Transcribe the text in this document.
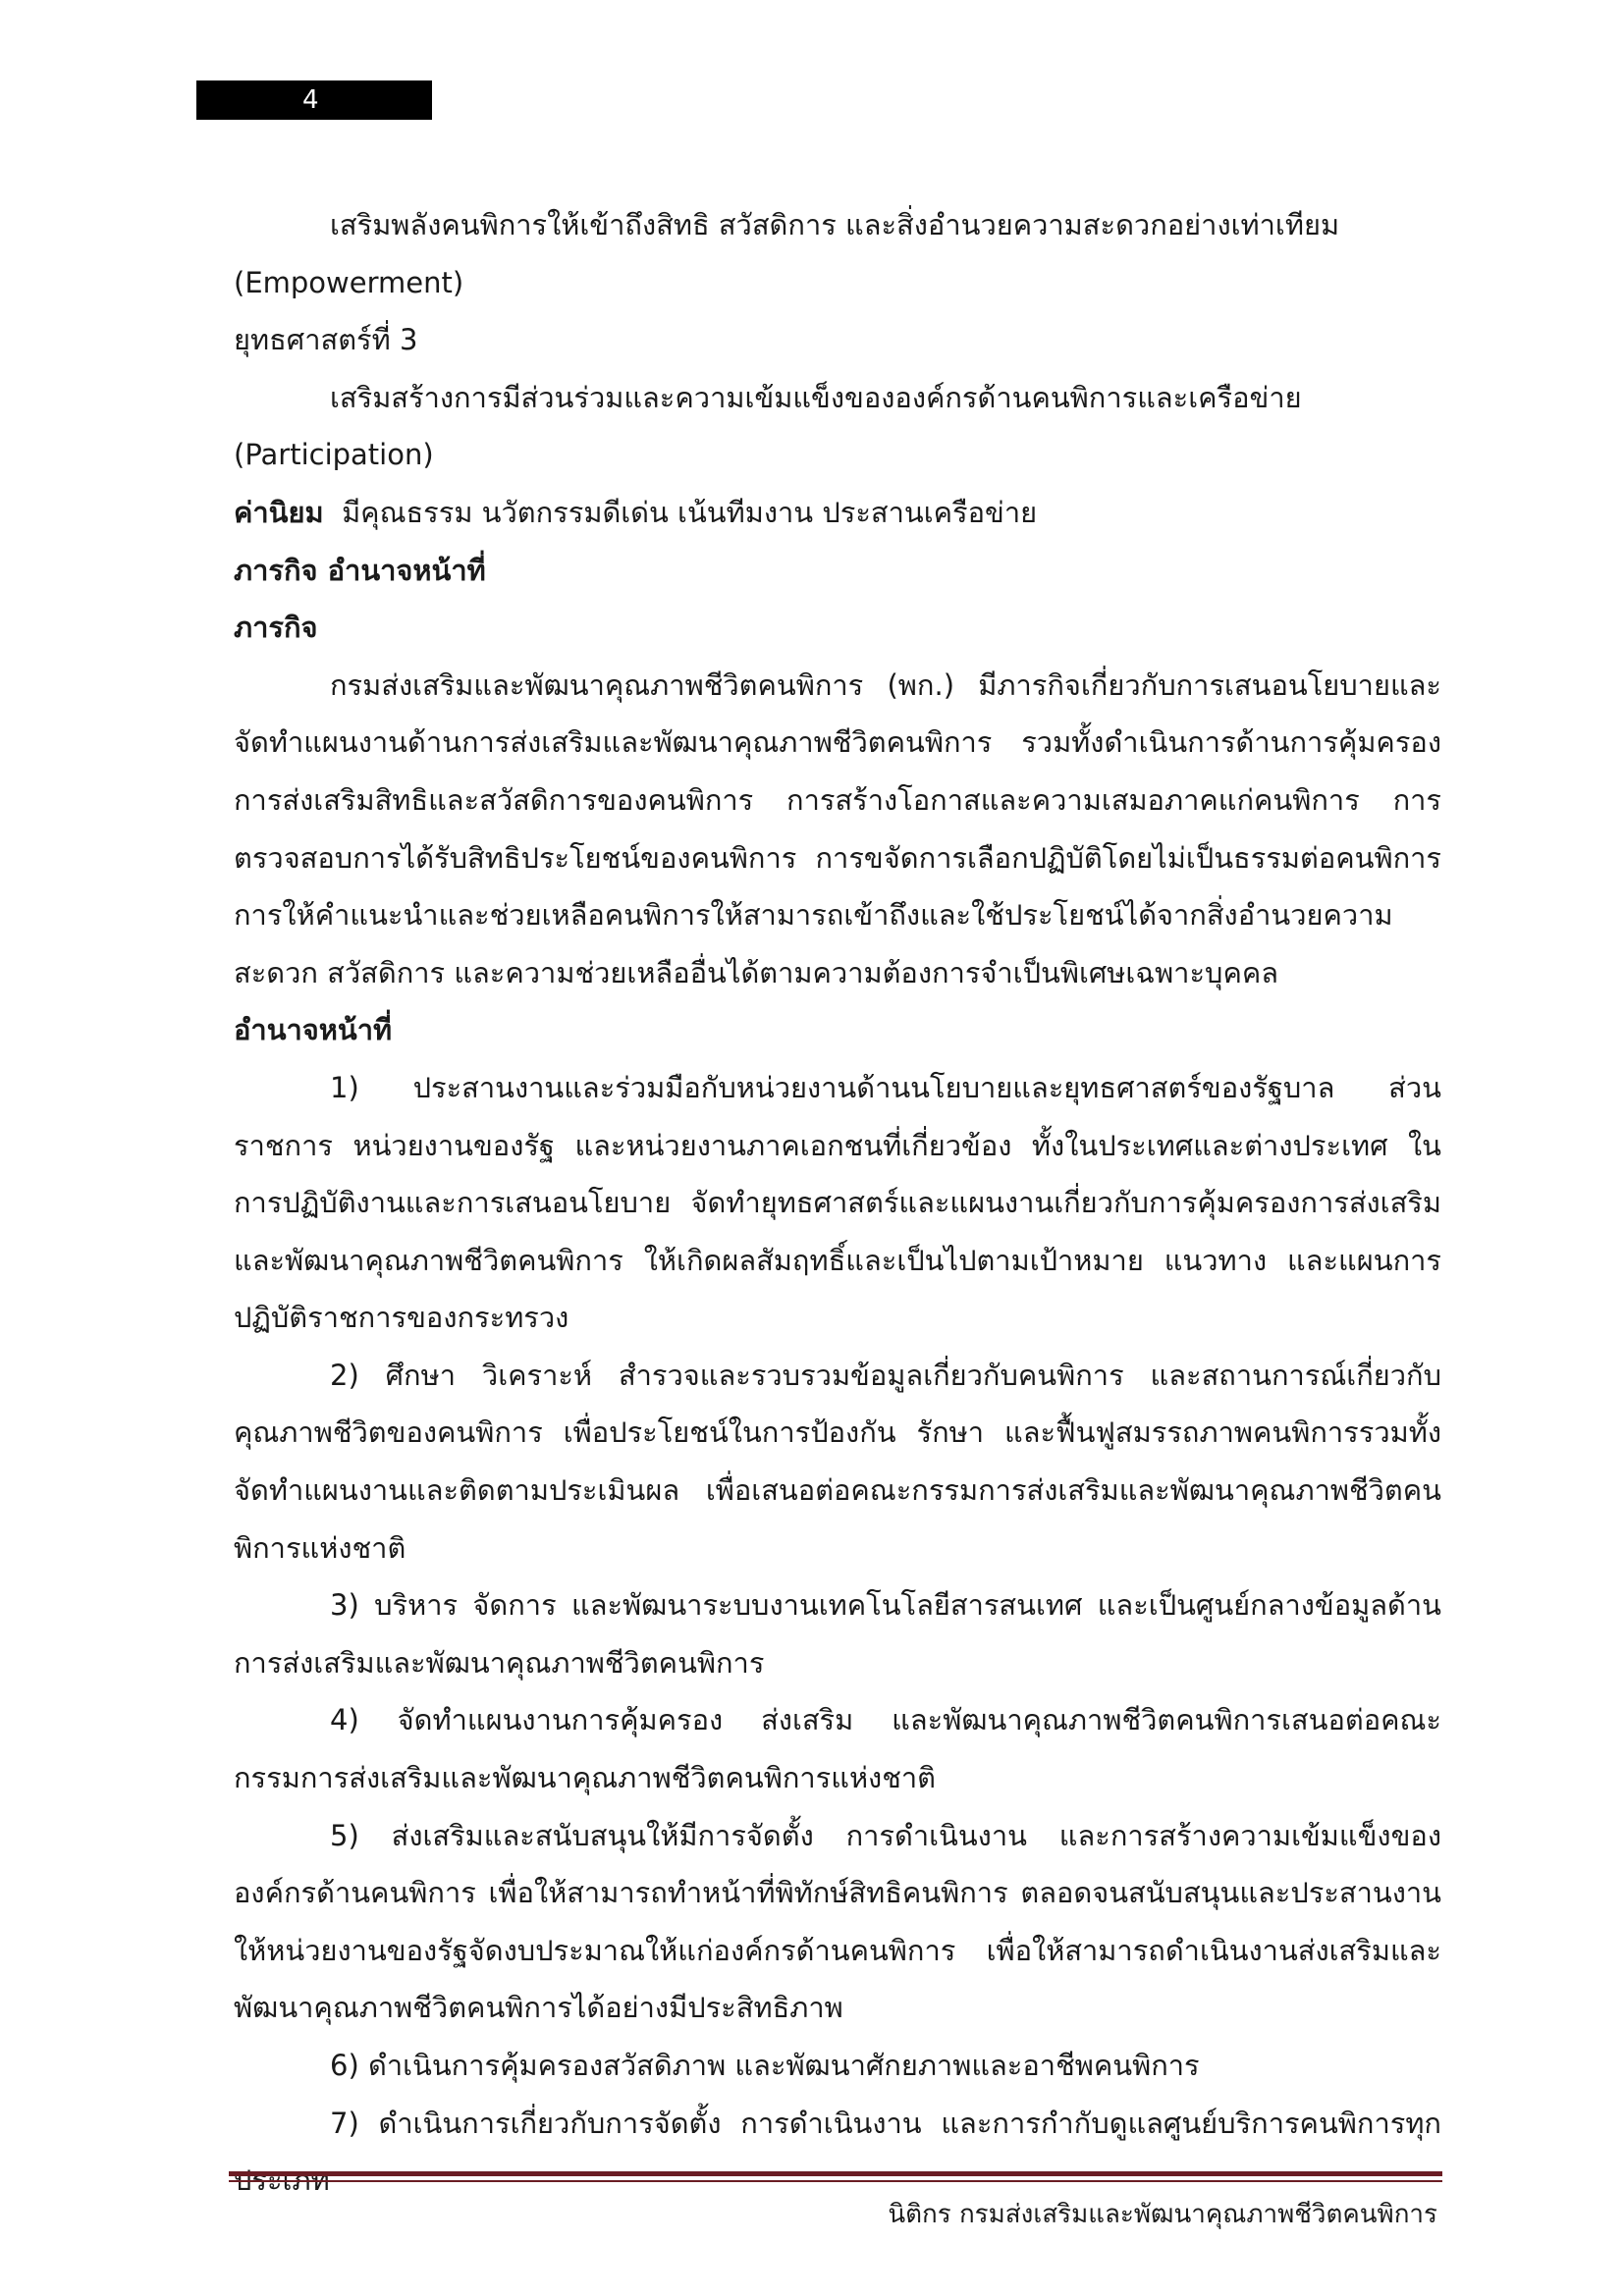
4

เสริมพลังคนพิการให้เข้าถึงสิทธิ สวัสดิการ และสิ่งอำนวยความสะดวกอย่างเท่าเทียม (Empowerment)

ยุทธศาสตร์ที่ 3

เสริมสร้างการมีส่วนร่วมและความเข้มแข็งขององค์กรด้านคนพิการและเครือข่าย (Participation)

ค่านิยม มีคุณธรรม นวัตกรรมดีเด่น เน้นทีมงาน ประสานเครือข่าย

ภารกิจ อำนาจหน้าที่

ภารกิจ

กรมส่งเสริมและพัฒนาคุณภาพชีวิตคนพิการ (พก.) มีภารกิจเกี่ยวกับการเสนอนโยบายและจัดทำแผนงานด้านการส่งเสริมและพัฒนาคุณภาพชีวิตคนพิการ รวมทั้งดำเนินการด้านการคุ้มครอง การส่งเสริมสิทธิและสวัสดิการของคนพิการ การสร้างโอกาสและความเสมอภาคแก่คนพิการ การตรวจสอบการได้รับสิทธิประโยชน์ของคนพิการ การขจัดการเลือกปฏิบัติโดยไม่เป็นธรรมต่อคนพิการ การให้คำแนะนำและช่วยเหลือคนพิการให้สามารถเข้าถึงและใช้ประโยชน์ได้จากสิ่งอำนวยความสะดวก สวัสดิการ และความช่วยเหลืออื่นได้ตามความต้องการจำเป็นพิเศษเฉพาะบุคคล

อำนาจหน้าที่

1) ประสานงานและร่วมมือกับหน่วยงานด้านนโยบายและยุทธศาสตร์ของรัฐบาล ส่วนราชการ หน่วยงานของรัฐ และหน่วยงานภาคเอกชนที่เกี่ยวข้อง ทั้งในประเทศและต่างประเทศ ในการปฏิบัติงานและการเสนอนโยบาย จัดทำยุทธศาสตร์และแผนงานเกี่ยวกับการคุ้มครองการส่งเสริมและพัฒนาคุณภาพชีวิตคนพิการ ให้เกิดผลสัมฤทธิ์และเป็นไปตามเป้าหมาย แนวทาง และแผนการปฏิบัติราชการของกระทรวง

2) ศึกษา วิเคราะห์ สำรวจและรวบรวมข้อมูลเกี่ยวกับคนพิการ และสถานการณ์เกี่ยวกับคุณภาพชีวิตของคนพิการ เพื่อประโยชน์ในการป้องกัน รักษา และฟื้นฟูสมรรถภาพคนพิการรวมทั้งจัดทำแผนงานและติดตามประเมินผล เพื่อเสนอต่อคณะกรรมการส่งเสริมและพัฒนาคุณภาพชีวิตคนพิการแห่งชาติ

3) บริหาร จัดการ และพัฒนาระบบงานเทคโนโลยีสารสนเทศ และเป็นศูนย์กลางข้อมูลด้านการส่งเสริมและพัฒนาคุณภาพชีวิตคนพิการ

4) จัดทำแผนงานการคุ้มครอง ส่งเสริม และพัฒนาคุณภาพชีวิตคนพิการเสนอต่อคณะกรรมการส่งเสริมและพัฒนาคุณภาพชีวิตคนพิการแห่งชาติ

5) ส่งเสริมและสนับสนุนให้มีการจัดตั้ง การดำเนินงาน และการสร้างความเข้มแข็งขององค์กรด้านคนพิการ เพื่อให้สามารถทำหน้าที่พิทักษ์สิทธิคนพิการ ตลอดจนสนับสนุนและประสานงานให้หน่วยงานของรัฐจัดงบประมาณให้แก่องค์กรด้านคนพิการ เพื่อให้สามารถดำเนินงานส่งเสริมและพัฒนาคุณภาพชีวิตคนพิการได้อย่างมีประสิทธิภาพ

6) ดำเนินการคุ้มครองสวัสดิภาพ และพัฒนาศักยภาพและอาชีพคนพิการ

7) ดำเนินการเกี่ยวกับการจัดตั้ง การดำเนินงาน และการกำกับดูแลศูนย์บริการคนพิการทุก

นิติกร กรมส่งเสริมและพัฒนาคุณภาพชีวิตคนพิการ
